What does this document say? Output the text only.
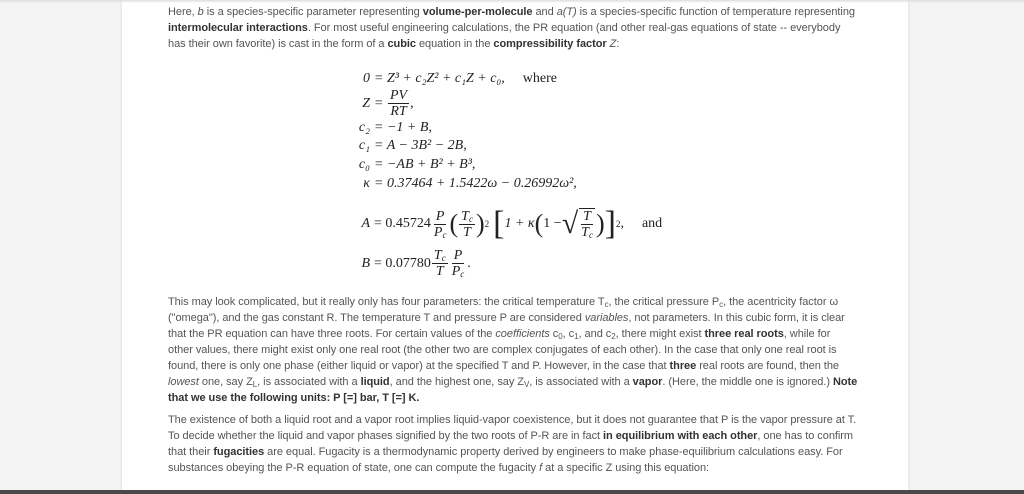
Here, b is a species-specific parameter representing volume-per-molecule and a(T) is a species-specific function of temperature representing intermolecular interactions. For most useful engineering calculations, the PR equation (and other real-gas equations of state -- everybody has their own favorite) is cast in the form of a cubic equation in the compressibility factor Z:
0 = Z³ + c₂Z² + c₁Z + c₀, where
$Z = \frac{PV}{RT}$ ,
c₂ = −1 + B,
c₁ = A − 3B² − 2B,
c₀ = −AB + B² + B³,
κ = 0.37464 + 1.5422ω − 0.26992ω²,
$A = 0.45724 \frac{P}{P_c}$ ( $\frac{T_c}{T}$ ) 2 [ 1 + κ ( 1 − √ $\frac{T}{T_c}$ ) ] 2 , and
$B = 0.07780 \frac{T_c}{T} \frac{P}{P_c}$ .
This may look complicated, but it really only has four parameters: the critical temperature $T_c$, the critical pressure $P_c$, the acentricity factor ω ("omega"), and the gas constant R. The temperature T and pressure P are considered variables, not parameters. In this cubic form, it is clear that the PR equation can have three roots. For certain values of the coefficients $c_0$, $c_1$, and $c_2$, there might exist three real roots, while for other values, there might exist only one real root (the other two are complex conjugates of each other). In the case that only one real root is found, there is only one phase (either liquid or vapor) at the specified T and P. However, in the case that three real roots are found, then the lowest one, say $Z_L$, is associated with a liquid, and the highest one, say $Z_V$, is associated with a vapor. (Here, the middle one is ignored.) Note that we use the following units: P [=] bar, T [=] K.
The existence of both a liquid root and a vapor root implies liquid-vapor coexistence, but it does not guarantee that P is the vapor pressure at T. To decide whether the liquid and vapor phases signified by the two roots of P-R are in fact in equilibrium with each other, one has to confirm that their fugacities are equal. Fugacity is a thermodynamic property derived by engineers to make phase-equilibrium calculations easy. For substances obeying the P-R equation of state, one can compute the fugacity f at a specific Z using this equation:
